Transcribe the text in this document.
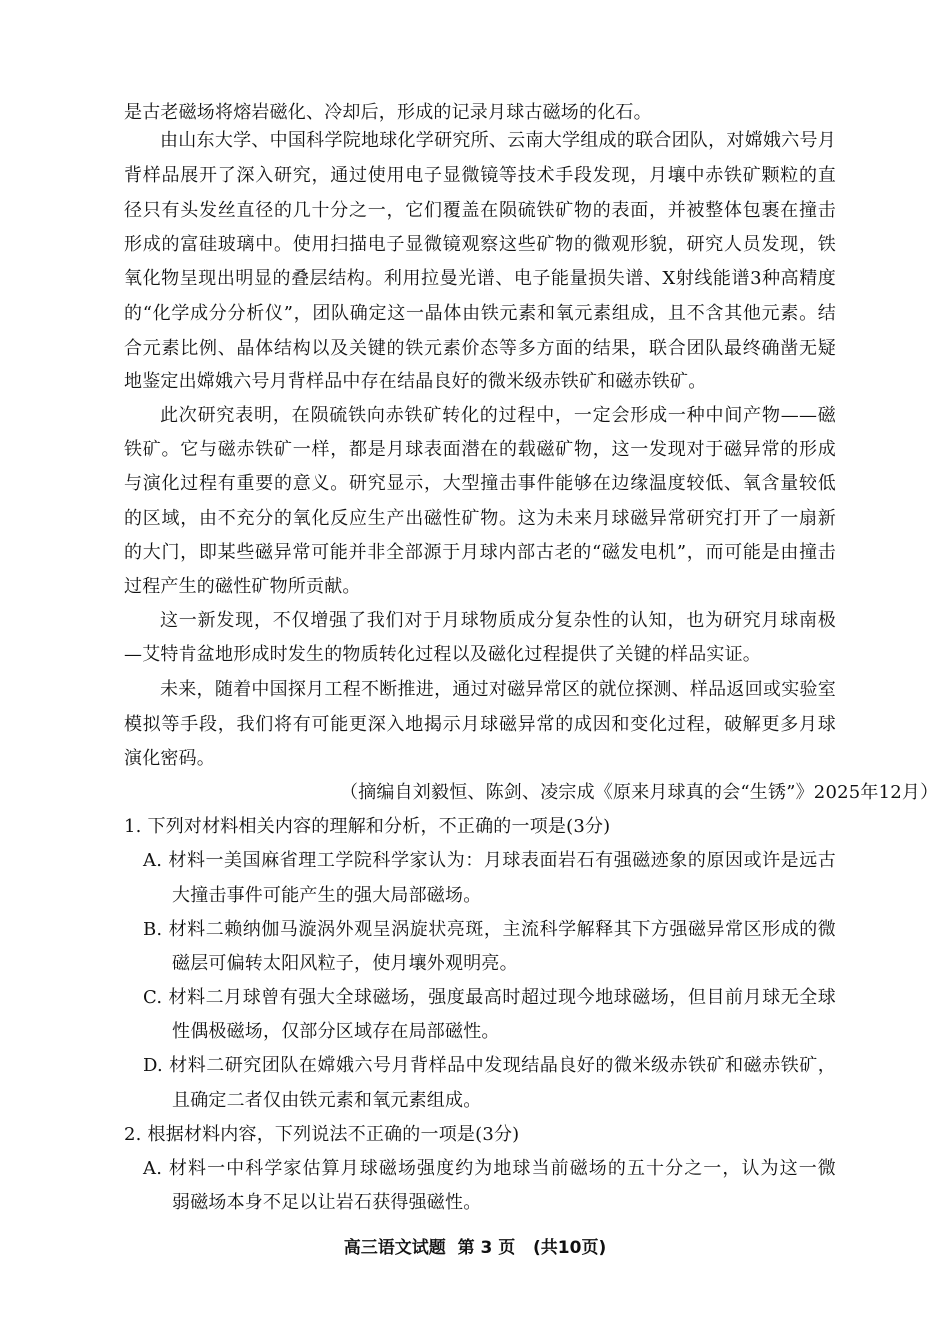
是古老磁场将熔岩磁化、冷却后，形成的记录月球古磁场的化石。
由山东大学、中国科学院地球化学研究所、云南大学组成的联合团队，对嫦娥六号月
背样品展开了深入研究，通过使用电子显微镜等技术手段发现，月壤中赤铁矿颗粒的直
径只有头发丝直径的几十分之一，它们覆盖在陨硫铁矿物的表面，并被整体包裹在撞击
形成的富硅玻璃中。使用扫描电子显微镜观察这些矿物的微观形貌，研究人员发现，铁
氧化物呈现出明显的叠层结构。利用拉曼光谱、电子能量损失谱、X射线能谱3种高精度
的“化学成分分析仪”，团队确定这一晶体由铁元素和氧元素组成，且不含其他元素。结
合元素比例、晶体结构以及关键的铁元素价态等多方面的结果，联合团队最终确凿无疑
地鉴定出嫦娥六号月背样品中存在结晶良好的微米级赤铁矿和磁赤铁矿。
此次研究表明，在陨硫铁向赤铁矿转化的过程中，一定会形成一种中间产物——磁
铁矿。它与磁赤铁矿一样，都是月球表面潜在的载磁矿物，这一发现对于磁异常的形成
与演化过程有重要的意义。研究显示，大型撞击事件能够在边缘温度较低、氧含量较低
的区域，由不充分的氧化反应生产出磁性矿物。这为未来月球磁异常研究打开了一扇新
的大门，即某些磁异常可能并非全部源于月球内部古老的“磁发电机”，而可能是由撞击
过程产生的磁性矿物所贡献。
这一新发现，不仅增强了我们对于月球物质成分复杂性的认知，也为研究月球南极
—艾特肯盆地形成时发生的物质转化过程以及磁化过程提供了关键的样品实证。
未来，随着中国探月工程不断推进，通过对磁异常区的就位探测、样品返回或实验室
模拟等手段，我们将有可能更深入地揭示月球磁异常的成因和变化过程，破解更多月球
演化密码。
（摘编自刘毅恒、陈剑、凌宗成《原来月球真的会“生锈”》2025年12月）
1. 下列对材料相关内容的理解和分析，不正确的一项是(3分)
A. 材料一美国麻省理工学院科学家认为：月球表面岩石有强磁迹象的原因或许是远古
大撞击事件可能产生的强大局部磁场。
B. 材料二赖纳伽马漩涡外观呈涡旋状亮斑，主流科学解释其下方强磁异常区形成的微
磁层可偏转太阳风粒子，使月壤外观明亮。
C. 材料二月球曾有强大全球磁场，强度最高时超过现今地球磁场，但目前月球无全球
性偶极磁场，仅部分区域存在局部磁性。
D. 材料二研究团队在嫦娥六号月背样品中发现结晶良好的微米级赤铁矿和磁赤铁矿，
且确定二者仅由铁元素和氧元素组成。
2. 根据材料内容，下列说法不正确的一项是(3分)
A. 材料一中科学家估算月球磁场强度约为地球当前磁场的五十分之一，认为这一微
弱磁场本身不足以让岩石获得强磁性。
高三语文试题  第 3 页   (共10页)
